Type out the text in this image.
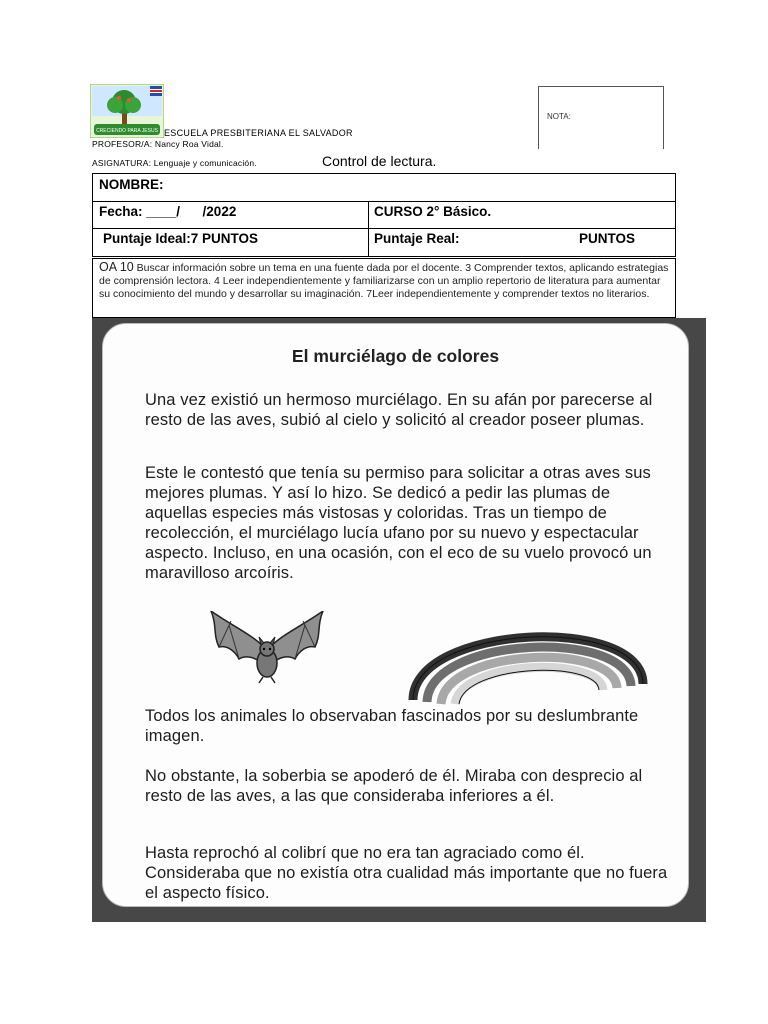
CRECIENDO PARA JESUS ESCUELA PRESBITERIANA EL SALVADOR
PROFESOR/A: Nancy Roa Vidal.
ASIGNATURA: Lenguaje y comunicación.	Control de lectura.
NOTA:
NOMBRE:
Fecha: ____/      /2022	CURSO 2° Básico.
Puntaje Ideal:7 PUNTOS	Puntaje Real:	PUNTOS
OA 10 Buscar información sobre un tema en una fuente dada por el docente. 3 Comprender textos, aplicando estrategias de comprensión lectora. 4 Leer independientemente y familiarizarse con un amplio repertorio de literatura para aumentar su conocimiento del mundo y desarrollar su imaginación. 7Leer independientemente y comprender textos no literarios.
El murciélago de colores
Una vez existió un hermoso murciélago. En su afán por parecerse al resto de las aves, subió al cielo y solicitó al creador poseer plumas.
Este le contestó que tenía su permiso para solicitar a otras aves sus mejores plumas. Y así lo hizo. Se dedicó a pedir las plumas de aquellas especies más vistosas y coloridas. Tras un tiempo de recolección, el murciélago lucía ufano por su nuevo y espectacular aspecto. Incluso, en una ocasión, con el eco de su vuelo provocó un maravilloso arcoíris.
Todos los animales lo observaban fascinados por su deslumbrante imagen.
No obstante, la soberbia se apoderó de él. Miraba con desprecio al resto de las aves, a las que consideraba inferiores a él.
Hasta reprochó al colibrí que no era tan agraciado como él. Consideraba que no existía otra cualidad más importante que no fuera el aspecto físico.
